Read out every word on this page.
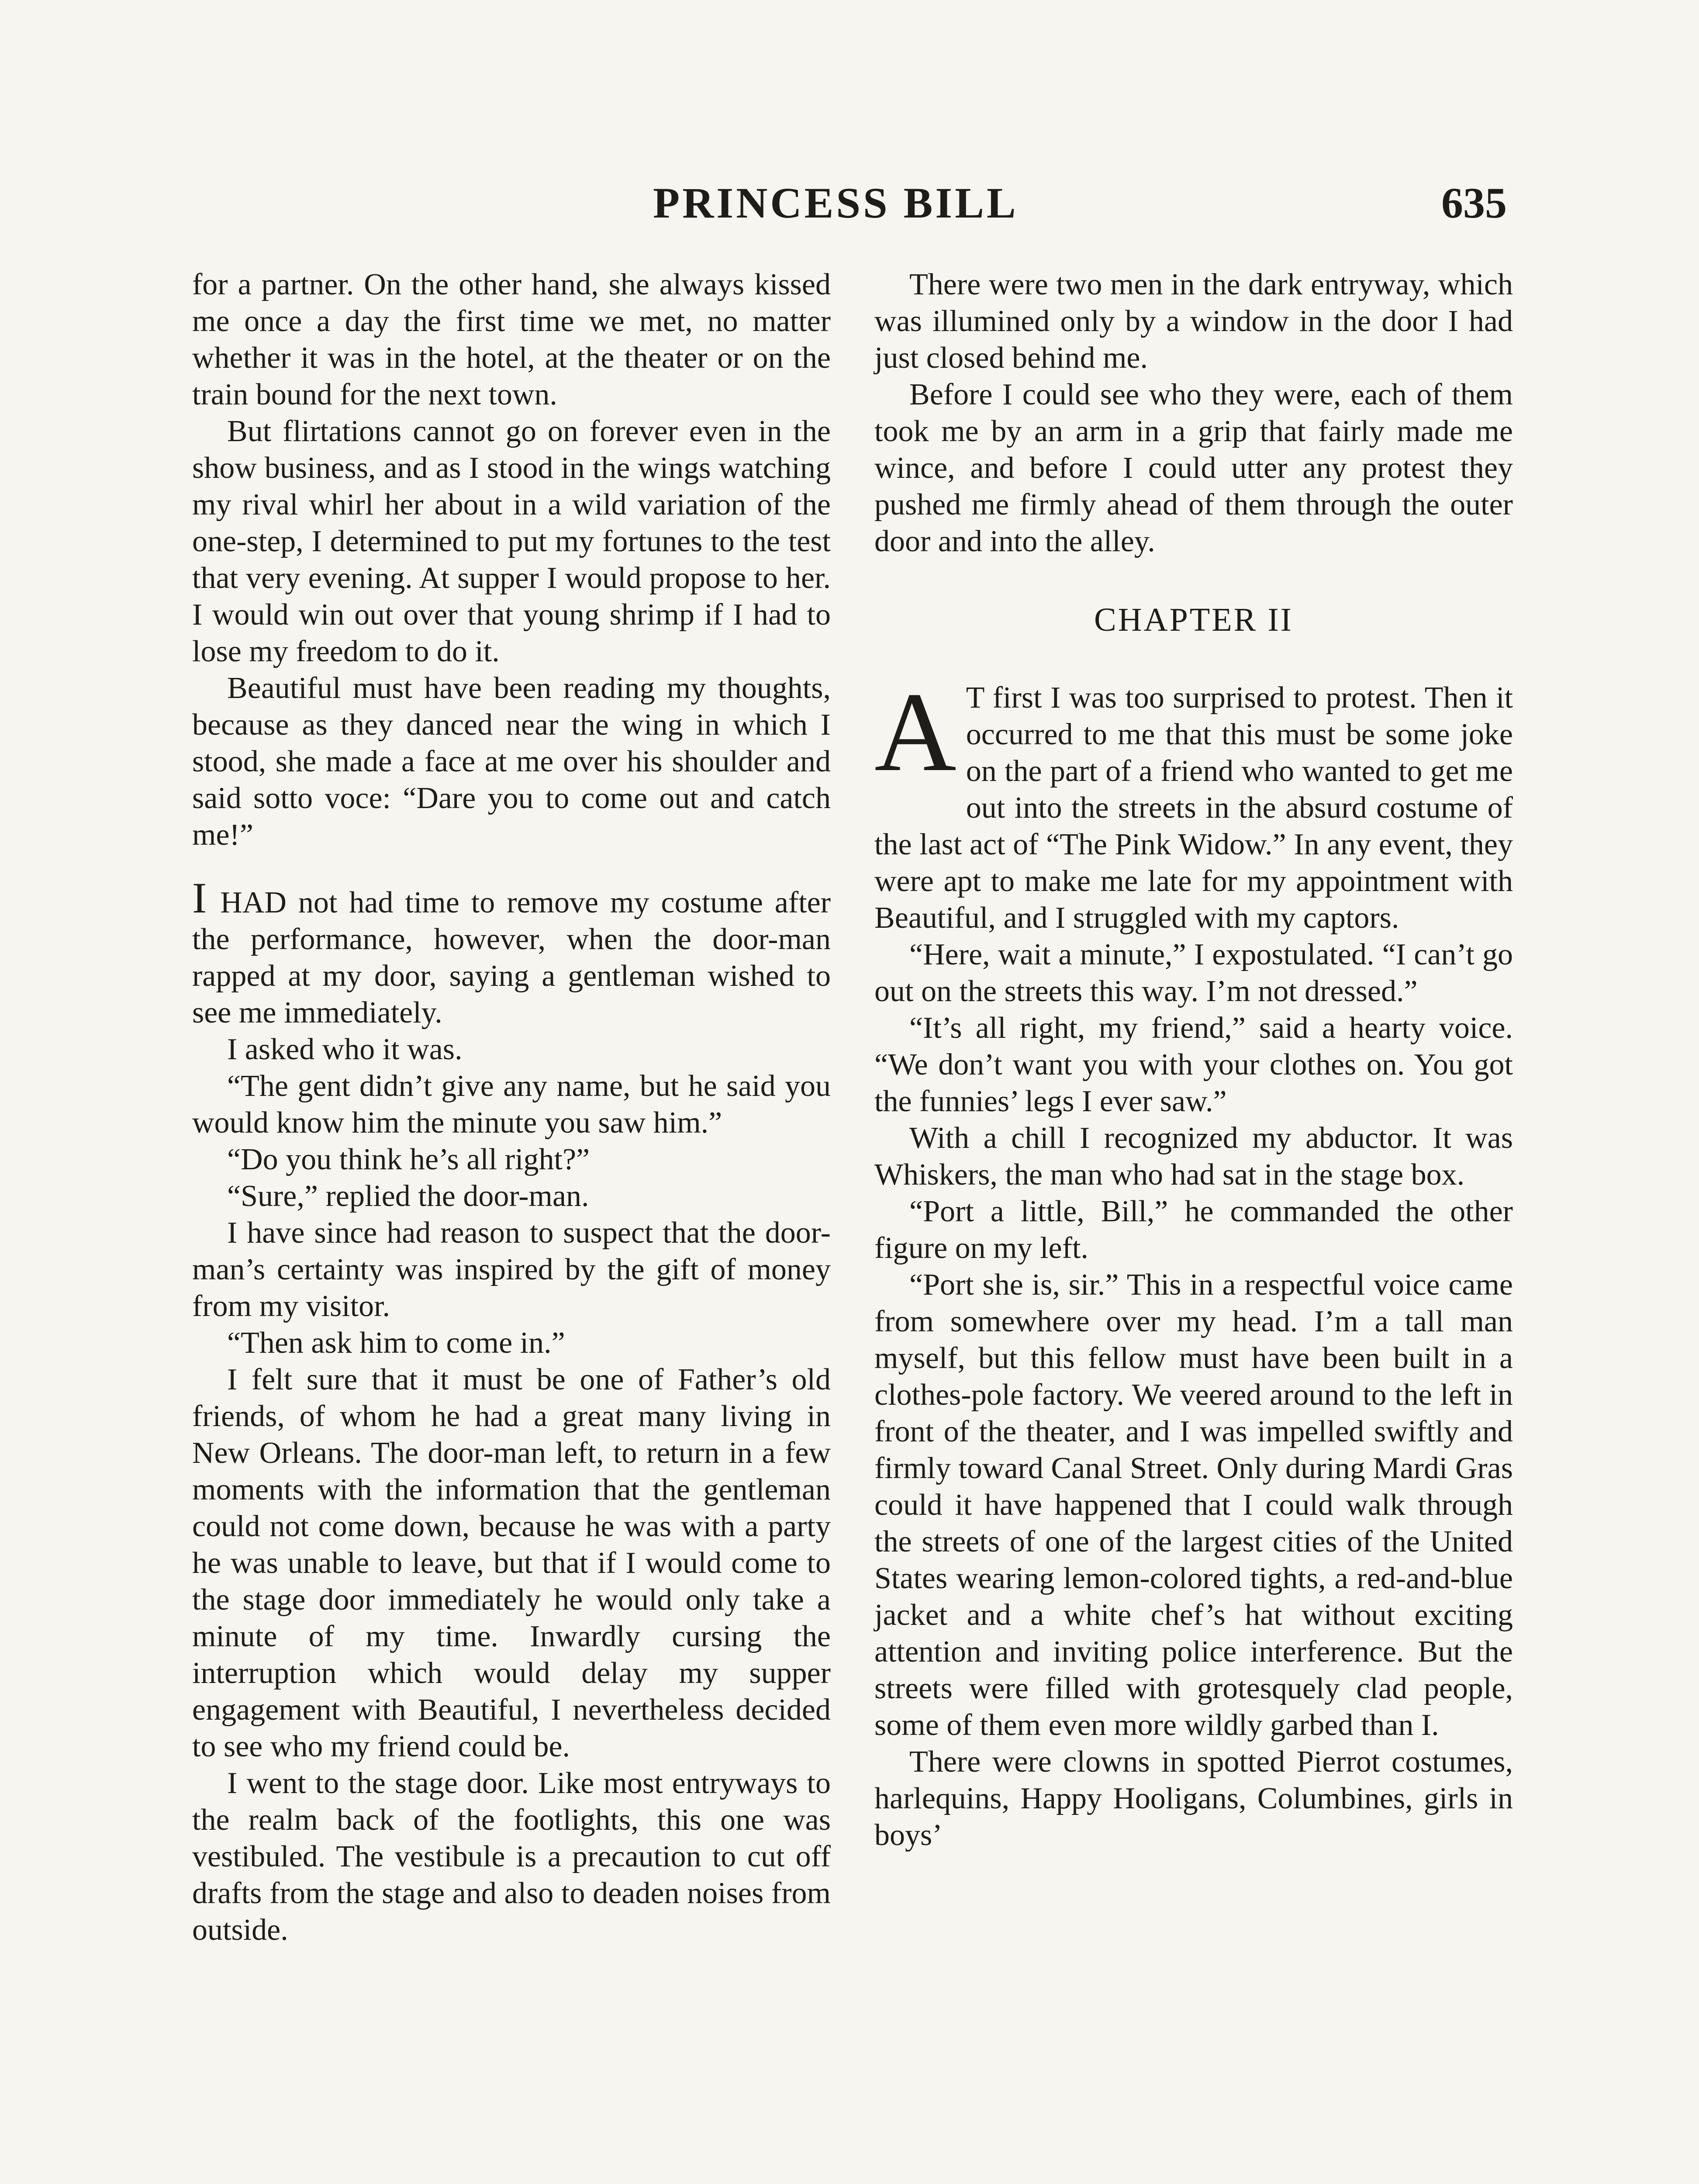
PRINCESS BILL	635

for a partner. On the other hand, she always kissed me once a day the first time we met, no matter whether it was in the hotel, at the theater or on the train bound for the next town.

But flirtations cannot go on forever even in the show business, and as I stood in the wings watching my rival whirl her about in a wild variation of the one-step, I determined to put my fortunes to the test that very evening. At supper I would propose to her. I would win out over that young shrimp if I had to lose my freedom to do it.

Beautiful must have been reading my thoughts, because as they danced near the wing in which I stood, she made a face at me over his shoulder and said sotto voce: “Dare you to come out and catch me!”

I HAD not had time to remove my costume after the performance, however, when the door-man rapped at my door, saying a gentleman wished to see me immediately.

I asked who it was.

“The gent didn’t give any name, but he said you would know him the minute you saw him.”

“Do you think he’s all right?”

“Sure,” replied the door-man.

I have since had reason to suspect that the door-man’s certainty was inspired by the gift of money from my visitor.

“Then ask him to come in.”

I felt sure that it must be one of Father’s old friends, of whom he had a great many living in New Orleans. The door-man left, to return in a few moments with the information that the gentleman could not come down, because he was with a party he was unable to leave, but that if I would come to the stage door immediately he would only take a minute of my time. Inwardly cursing the interruption which would delay my supper engagement with Beautiful, I nevertheless decided to see who my friend could be.

I went to the stage door. Like most entryways to the realm back of the footlights, this one was vestibuled. The vestibule is a precaution to cut off drafts from the stage and also to deaden noises from outside.

There were two men in the dark entryway, which was illumined only by a window in the door I had just closed behind me.

Before I could see who they were, each of them took me by an arm in a grip that fairly made me wince, and before I could utter any protest they pushed me firmly ahead of them through the outer door and into the alley.

CHAPTER II

A T first I was too surprised to protest. Then it occurred to me that this must be some joke on the part of a friend who wanted to get me out into the streets in the absurd costume of the last act of “The Pink Widow.” In any event, they were apt to make me late for my appointment with Beautiful, and I struggled with my captors.

“Here, wait a minute,” I expostulated. “I can’t go out on the streets this way. I’m not dressed.”

“It’s all right, my friend,” said a hearty voice. “We don’t want you with your clothes on. You got the funnies’ legs I ever saw.”

With a chill I recognized my abductor. It was Whiskers, the man who had sat in the stage box.

“Port a little, Bill,” he commanded the other figure on my left.

“Port she is, sir.” This in a respectful voice came from somewhere over my head. I’m a tall man myself, but this fellow must have been built in a clothes-pole factory. We veered around to the left in front of the theater, and I was impelled swiftly and firmly toward Canal Street. Only during Mardi Gras could it have happened that I could walk through the streets of one of the largest cities of the United States wearing lemon-colored tights, a red-and-blue jacket and a white chef’s hat without exciting attention and inviting police interference. But the streets were filled with grotesquely clad people, some of them even more wildly garbed than I.

There were clowns in spotted Pierrot costumes, harlequins, Happy Hooligans, Columbines, girls in boys’
